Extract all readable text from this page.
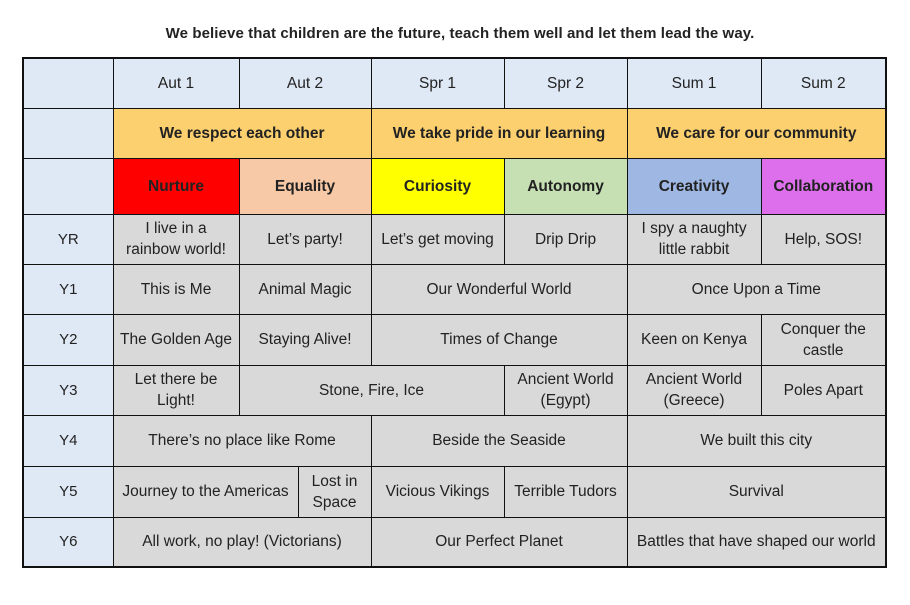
We believe that children are the future, teach them well and let them lead the way.
	Aut 1	Aut 2		Spr 1	Spr 2	Sum 1	Sum 2
	We respect each other			We take pride in our learning		We care for our community	
	Nurture	Equality		Curiosity	Autonomy	Creativity	Collaboration
YR	I live in a rainbow world!	Let’s party!		Let’s get moving	Drip Drip	I spy a naughty little rabbit	Help, SOS!
Y1	This is Me	Animal Magic		Our Wonderful World		Once Upon a Time	
Y2	The Golden Age	Staying Alive!		Times of Change		Keen on Kenya	Conquer the castle
Y3	Let there be Light!	Stone, Fire, Ice			Ancient World (Egypt)	Ancient World (Greece)	Poles Apart
Y4	There’s no place like Rome			Beside the Seaside		We built this city	
Y5	Journey to the Americas		Lost in Space	Vicious Vikings	Terrible Tudors	Survival	
Y6	All work, no play! (Victorians)			Our Perfect Planet		Battles that have shaped our world	
